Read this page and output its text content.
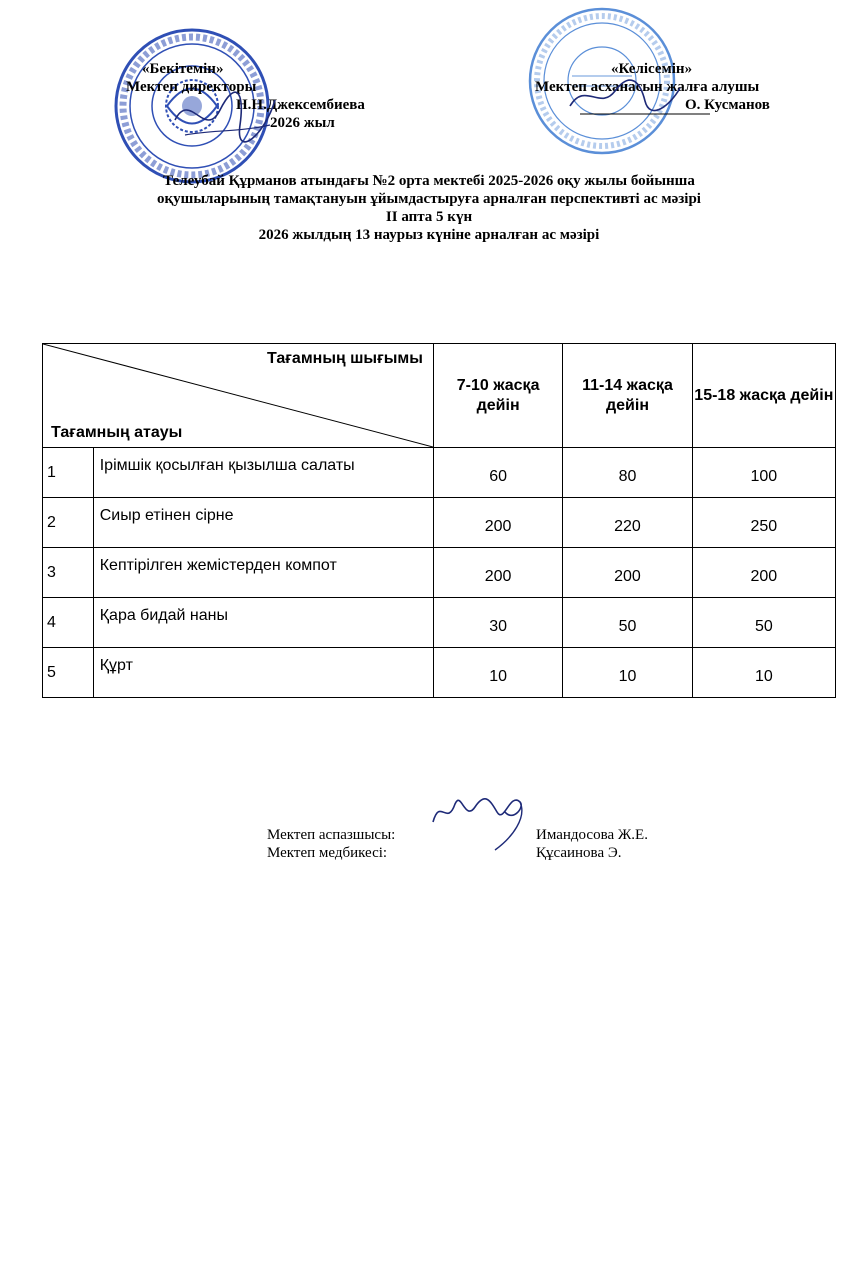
«Бекітемін»
Мектеп директоры
Н.Н.Джексембиева
2026 жыл
«Келісемін»
Мектеп асханасын жалға алушы
О. Кусманов
Телеубай Құрманов атындағы №2 орта мектебі 2025-2026 оқу жылы бойынша
оқушыларының тамақтануын ұйымдастыруға арналған перспективті ас мәзірі
ІІ апта 5 күн
2026 жылдың 13 наурыз күніне арналған ас мәзірі
Тағамның шығымы
Тағамның атауы		7-10 жасқа дейін	11-14 жасқа дейін	15-18 жасқа дейін
1	Ірімшік қосылған қызылша салаты	60	80	100
2	Сиыр етінен сірне	200	220	250
3	Кептірілген жемістерден компот	200	200	200
4	Қара бидай наны	30	50	50
5	Құрт	10	10	10
Мектеп аспазшысы:	Имандосова Ж.Е.
Мектеп медбикесі:	Құсаинова Э.
